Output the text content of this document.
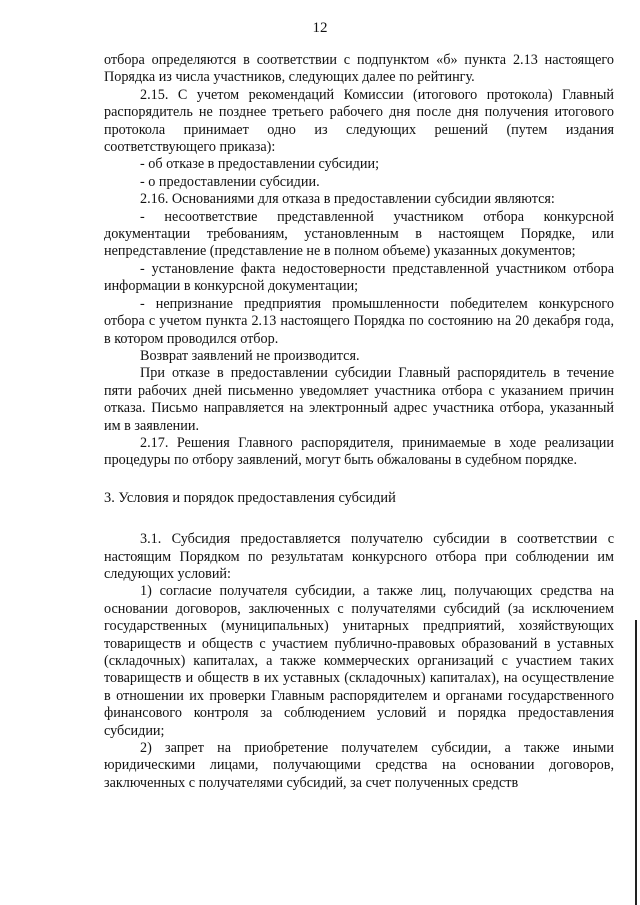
12

отбора определяются в соответствии с подпунктом «б» пункта 2.13 настоящего Порядка из числа участников, следующих далее по рейтингу.

2.15. С учетом рекомендаций Комиссии (итогового протокола) Главный распорядитель не позднее третьего рабочего дня после дня получения итогового протокола принимает одно из следующих решений (путем издания соответствующего приказа):

- об отказе в предоставлении субсидии;

- о предоставлении субсидии.

2.16. Основаниями для отказа в предоставлении субсидии являются:

- несоответствие представленной участником отбора конкурсной документации требованиям, установленным в настоящем Порядке, или непредставление (представление не в полном объеме) указанных документов;

- установление факта недостоверности представленной участником отбора информации в конкурсной документации;

- непризнание предприятия промышленности победителем конкурсного отбора с учетом пункта 2.13 настоящего Порядка по состоянию на 20 декабря года, в котором проводился отбор.

Возврат заявлений не производится.

При отказе в предоставлении субсидии Главный распорядитель в течение пяти рабочих дней письменно уведомляет участника отбора с указанием причин отказа. Письмо направляется на электронный адрес участника отбора, указанный им в заявлении.

2.17. Решения Главного распорядителя, принимаемые в ходе реализации процедуры по отбору заявлений, могут быть обжалованы в судебном порядке.

3. Условия и порядок предоставления субсидий

3.1. Субсидия предоставляется получателю субсидии в соответствии с настоящим Порядком по результатам конкурсного отбора при соблюдении им следующих условий:

1) согласие получателя субсидии, а также лиц, получающих средства на основании договоров, заключенных с получателями субсидий (за исключением государственных (муниципальных) унитарных предприятий, хозяйствующих товариществ и обществ с участием публично-правовых образований в уставных (складочных) капиталах, а также коммерческих организаций с участием таких товариществ и обществ в их уставных (складочных) капиталах), на осуществление в отношении их проверки Главным распорядителем и органами государственного финансового контроля за соблюдением условий и порядка предоставления субсидии;

2) запрет на приобретение получателем субсидии, а также иными юридическими лицами, получающими средства на основании договоров, заключенных с получателями субсидий, за счет полученных средств
